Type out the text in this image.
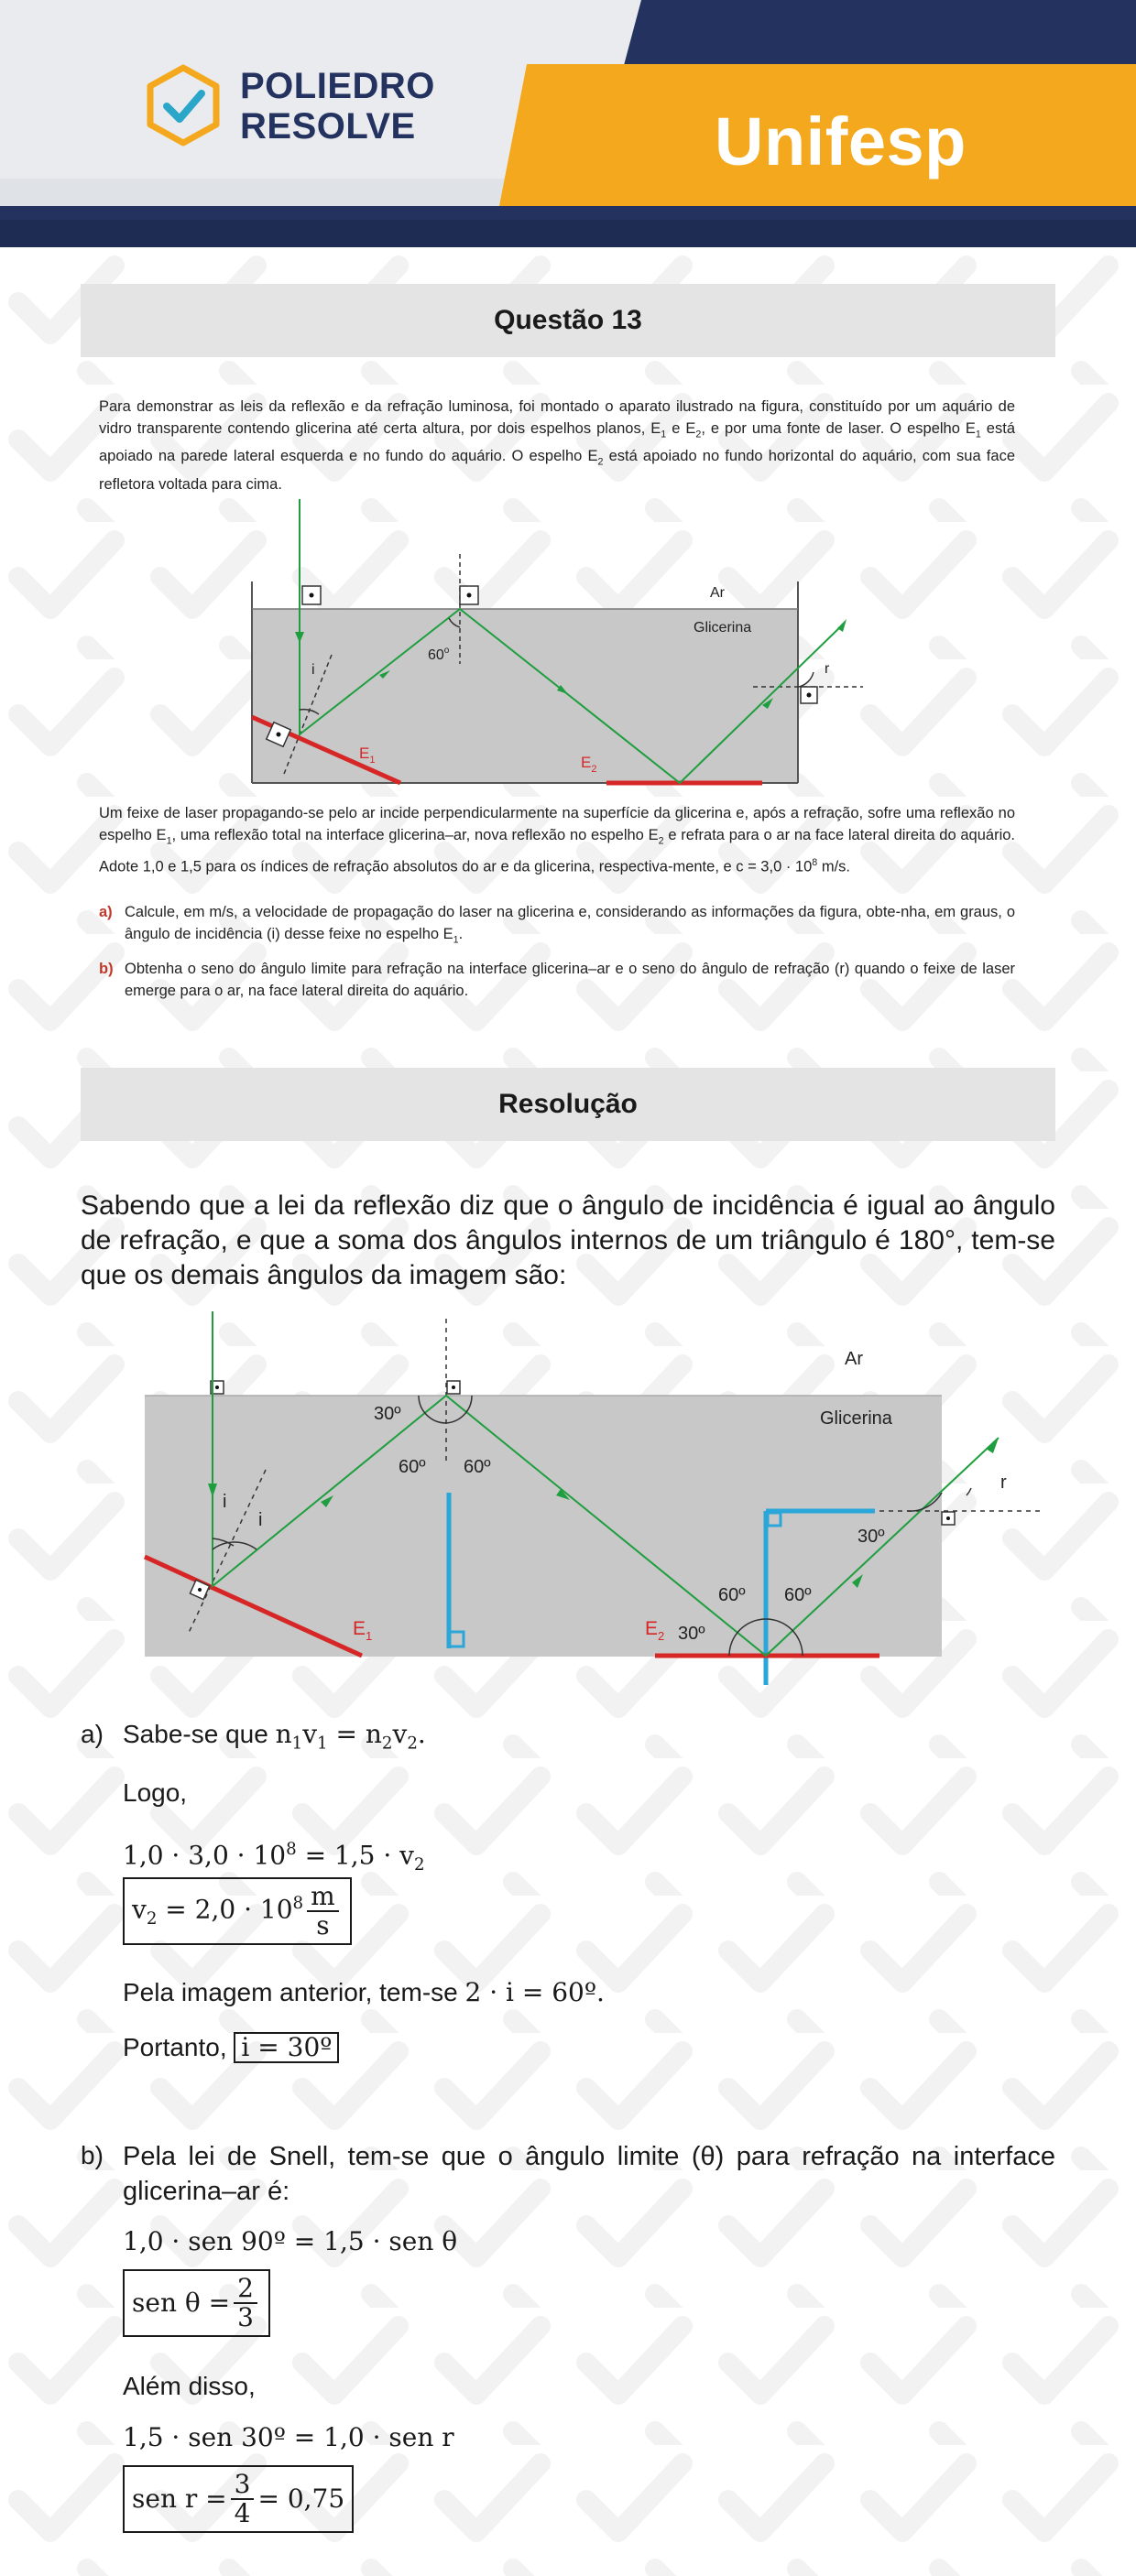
POLIEDRO
RESOLVE	Unifesp
Questão 13
Para demonstrar as leis da reflexão e da refração luminosa, foi montado o aparato ilustrado na figura, constituído por um aquário de vidro transparente contendo glicerina até certa altura, por dois espelhos planos, $E_1$ e $E_2$, e por uma fonte de laser. O espelho $E_1$ está apoiado na parede lateral esquerda e no fundo do aquário. O espelho $E_2$ está apoiado no fundo horizontal do aquário, com sua face refletora voltada para cima.
60$^o$
i	r
Ar
Glicerina
$E_1$	$E_2$
Um feixe de laser propagando-se pelo ar incide perpendicularmente na superfície da glicerina e, após a refração, sofre uma reflexão no espelho $E_1$, uma reflexão total na interface glicerina–ar, nova reflexão no espelho $E_2$ e refrata para o ar na face lateral direita do aquário. Adote 1,0 e 1,5 para os índices de refração absolutos do ar e da glicerina, respectiva-mente, e $c = 3,0 \cdot 10^8$ m/s.
a) Calcule, em m/s, a velocidade de propagação do laser na glicerina e, considerando as informações da figura, obte-nha, em graus, o ângulo de incidência (i) desse feixe no espelho $E_1$.
b) Obtenha o seno do ângulo limite para refração na interface glicerina–ar e o seno do ângulo de refração (r) quando o feixe de laser emerge para o ar, na face lateral direita do aquário.
Resolução
Sabendo que a lei da reflexão diz que o ângulo de incidência é igual ao ângulo de refração, e que a soma dos ângulos internos de um triângulo é 180°, tem-se que os demais ângulos da imagem são:
Ar
Glicerina
30º
60º 60º
30º
60º 60º
30º
i
i
r
$E_1$	$E_2$
a) Sabe-se que $n_1v_1 = n_2v_2$.
Logo,
$1,0 \cdot 3,0 \cdot 10^8 = 1,5 \cdot v_2$
$v_2 = 2,0 \cdot 10^8 \frac{m}{s}$
Pela imagem anterior, tem-se 2 · i = 60º.
Portanto, i = 30º
b) Pela lei de Snell, tem-se que o ângulo limite (θ) para refração na interface glicerina–ar é:
1,0 · sen 90º = 1,5 · sen θ
sen $\theta = \frac{2}{3}$
Além disso,
1,5 · sen 30º = 1,0 · sen r
sen $r = \frac{3}{4} = 0,75$
